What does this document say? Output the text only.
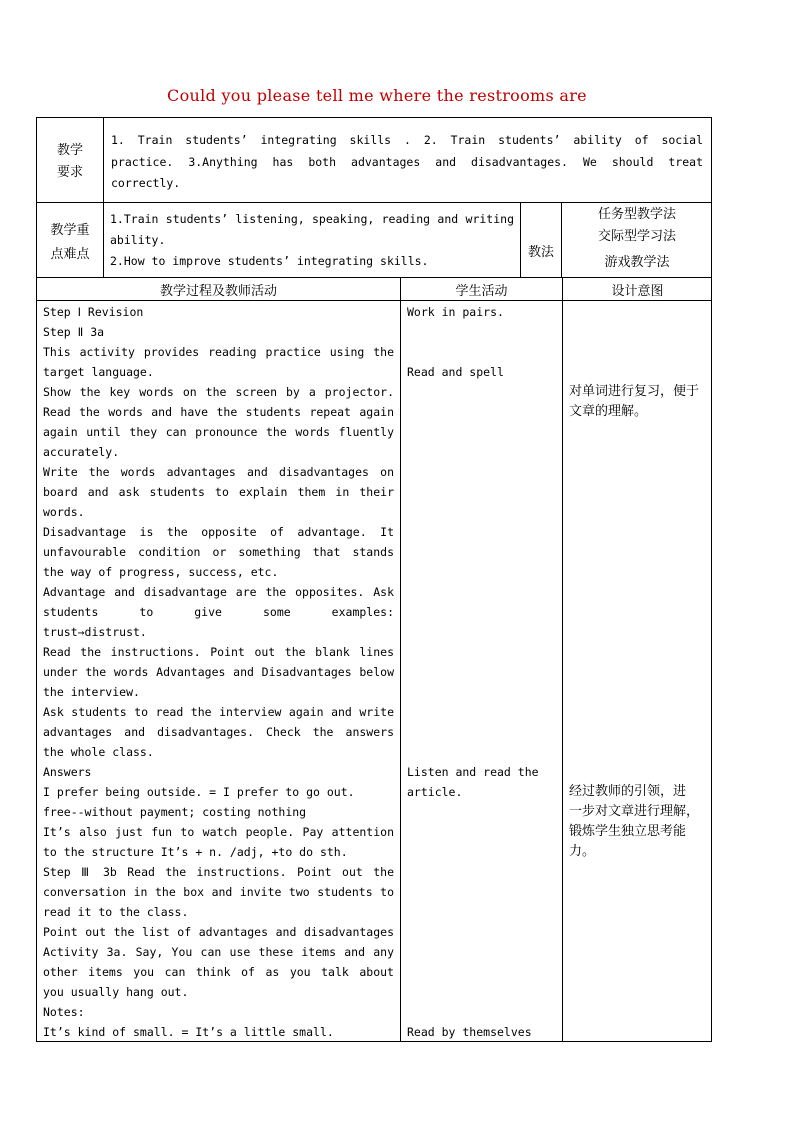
Could you please tell me where the restrooms are
教学
要求
1. Train students’ integrating skills . 2. Train students’ ability of social
practice. 3.Anything has both advantages and disadvantages. We should treat
correctly.
教学重
点难点
1.Train students’ listening, speaking, reading and writing
ability.
2.How to improve students’ integrating skills.
教法
任务型教学法
交际型学习法
游戏教学法
教学过程及教师活动	学生活动	设计意图
Step Ⅰ Revision
Step Ⅱ 3a
This activity provides reading practice using the
target language.
Show the key words on the screen by a projector.
Read the words and have the students repeat again
again until they can pronounce the words fluently
accurately.
Write the words advantages and disadvantages on
board and ask students to explain them in their
words.
Disadvantage is the opposite of advantage. It
unfavourable condition or something that stands
the way of progress, success, etc.
Advantage and disadvantage are the opposites. Ask
students to give some examples:
trust→distrust.
Read the instructions. Point out the blank lines
under the words Advantages and Disadvantages below
the interview.
Ask students to read the interview again and write
advantages and disadvantages. Check the answers
the whole class.
Answers
I prefer being outside. = I prefer to go out.
free--without payment; costing nothing
It’s also just fun to watch people. Pay attention
to the structure It’s + n. /adj, +to do sth.
Step Ⅲ 3b Read the instructions. Point out the
conversation in the box and invite two students to
read it to the class.
Point out the list of advantages and disadvantages
Activity 3a. Say, You can use these items and any
other items you can think of as you talk about
you usually hang out.
Notes:
It’s kind of small. = It’s a little small.
Work in pairs.
Read and spell
Listen and read the
article.
Read by themselves
对单词进行复习，便于
文章的理解。
经过教师的引领，进
一步对文章进行理解，
锻炼学生独立思考能
力。
